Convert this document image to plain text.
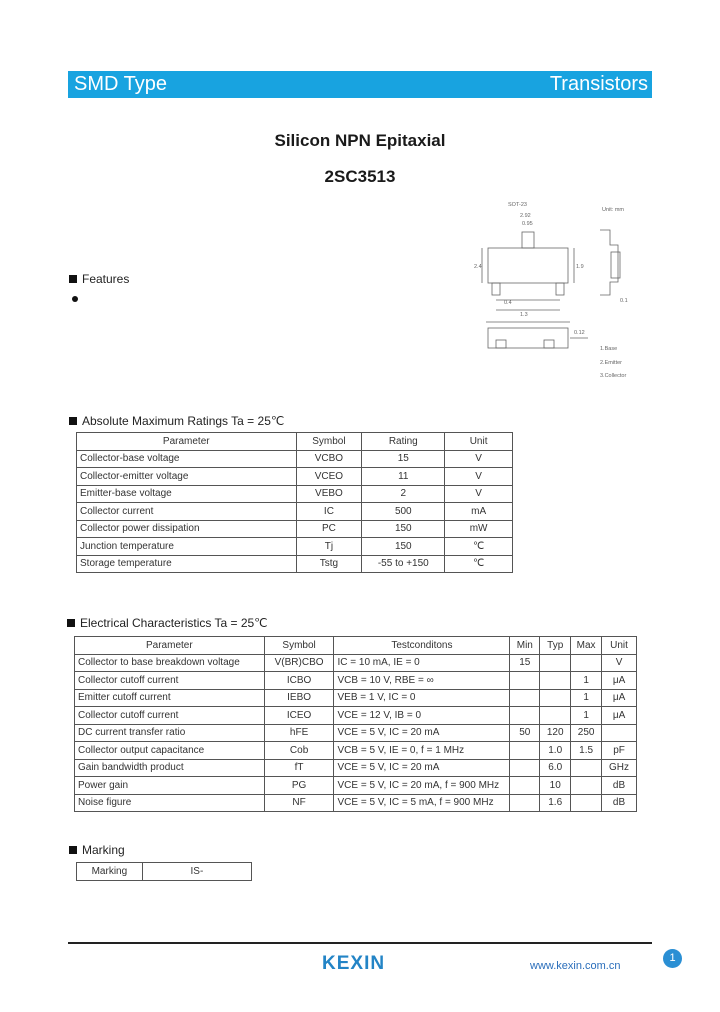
SMD Type	Transistors
Silicon NPN Epitaxial
2SC3513
SOT-23
Unit: mm
2.92
0.95
0.4
1.3
2.4	1.9
0.1
0.12
1.Base
2.Emitter
3.Collector
Features
Absolute Maximum Ratings Ta = 25℃
Parameter	Symbol	Rating	Unit
Collector-base voltage	VCBO	15	V
Collector-emitter voltage	VCEO	11	V
Emitter-base voltage	VEBO	2	V
Collector current	IC	500	mA
Collector power dissipation	PC	150	mW
Junction temperature	Tj	150	℃
Storage temperature	Tstg	-55 to +150	℃
Electrical Characteristics Ta = 25℃
Parameter	Symbol	Testconditons	Min	Typ	Max	Unit
Collector to base breakdown voltage	V(BR)CBO	IC = 10 mA, IE = 0	15			V
Collector cutoff current	ICBO	VCB = 10 V, RBE = ∞			1	μA
Emitter cutoff current	IEBO	VEB = 1 V, IC = 0			1	μA
Collector cutoff current	ICEO	VCE = 12 V, IB = 0			1	μA
DC current transfer ratio	hFE	VCE = 5 V, IC = 20 mA	50	120	250	
Collector output capacitance	Cob	VCB = 5 V, IE = 0, f = 1 MHz		1.0	1.5	pF
Gain bandwidth product	fT	VCE = 5 V, IC = 20 mA		6.0		GHz
Power gain	PG	VCE = 5 V, IC = 20 mA, f = 900 MHz		10		dB
Noise figure	NF	VCE = 5 V, IC = 5 mA, f = 900 MHz		1.6		dB
Marking
Marking	IS-
KEXIN	www.kexin.com.cn
1
